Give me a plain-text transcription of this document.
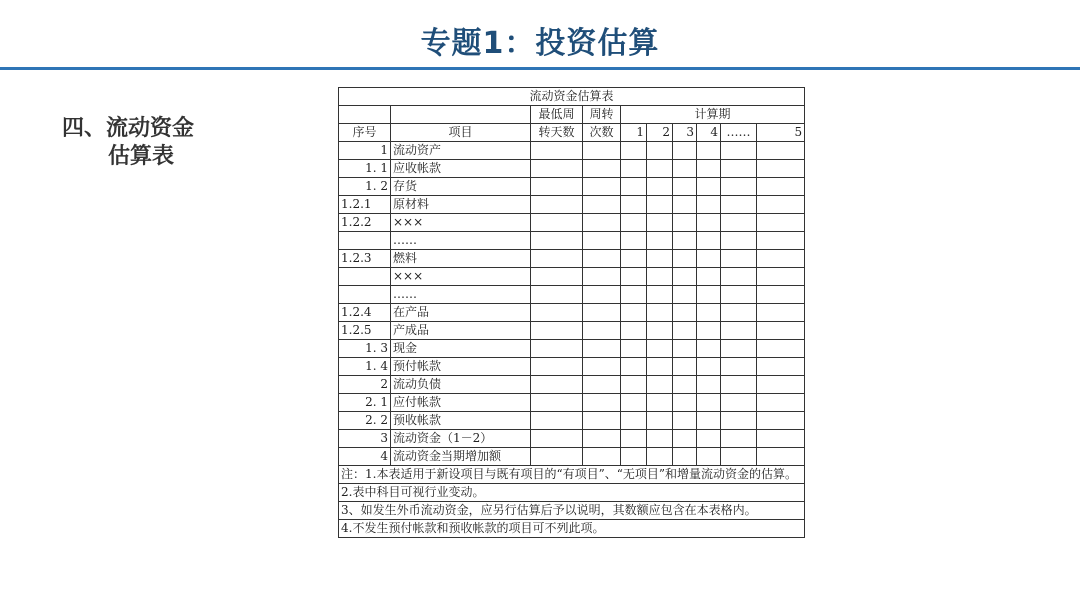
专题1：投资估算
四、流动资金
估算表
流动资金估算表									
		最低周	周转	计算期					
序号	项目	转天数	次数	1	2	3	4	……	5
1	流动资产								
1. 1	应收帐款								
1. 2	存货								
1.2.1	原材料								
1.2.2	×××								
	……								
1.2.3	燃料								
	×××								
	……								
1.2.4	在产品								
1.2.5	产成品								
1. 3	现金								
1. 4	预付帐款								
2	流动负债								
2. 1	应付帐款								
2. 2	预收帐款								
3	流动资金（1－2）								
4	流动资金当期增加额								
注：1.本表适用于新设项目与既有项目的“有项目”、“无项目”和增量流动资金的估算。									
2.表中科目可视行业变动。									
3、如发生外币流动资金，应另行估算后予以说明，其数额应包含在本表格内。									
4.不发生预付帐款和预收帐款的项目可不列此项。									
